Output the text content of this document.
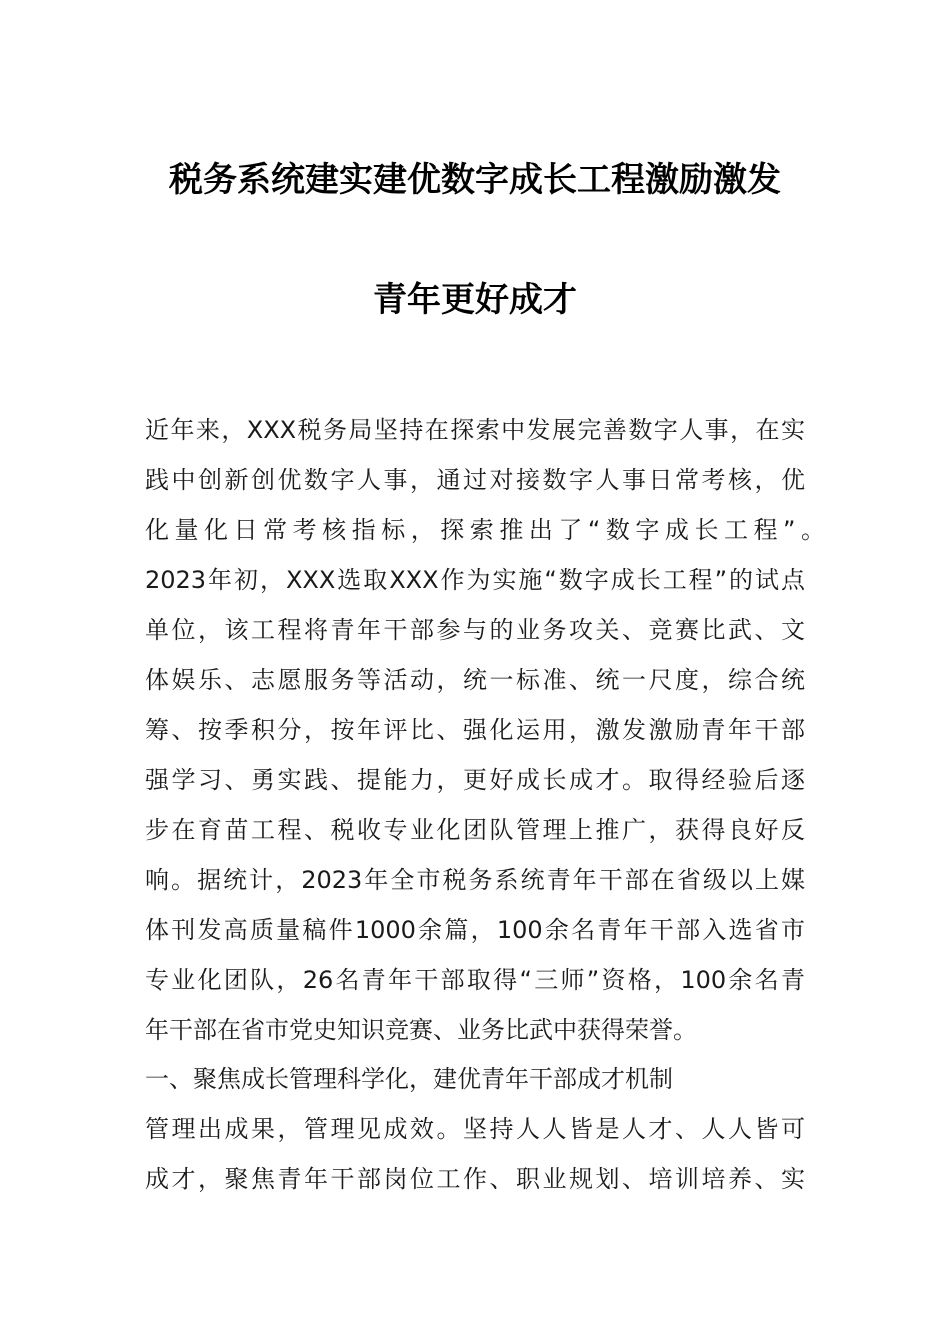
税务系统建实建优数字成长工程激励激发
青年更好成才
近年来，XXX税务局坚持在探索中发展完善数字人事，在实
践中创新创优数字人事，通过对接数字人事日常考核，优
化量化日常考核指标，探索推出了“数字成长工程”。
2023年初，XXX选取XXX作为实施“数字成长工程”的试点
单位，该工程将青年干部参与的业务攻关、竞赛比武、文
体娱乐、志愿服务等活动，统一标准、统一尺度，综合统
筹、按季积分，按年评比、强化运用，激发激励青年干部
强学习、勇实践、提能力，更好成长成才。取得经验后逐
步在育苗工程、税收专业化团队管理上推广，获得良好反
响。据统计，2023年全市税务系统青年干部在省级以上媒
体刊发高质量稿件1000余篇，100余名青年干部入选省市
专业化团队，26名青年干部取得“三师”资格，100余名青
年干部在省市党史知识竞赛、业务比武中获得荣誉。
一、聚焦成长管理科学化，建优青年干部成才机制
管理出成果，管理见成效。坚持人人皆是人才、人人皆可
成才，聚焦青年干部岗位工作、职业规划、培训培养、实
